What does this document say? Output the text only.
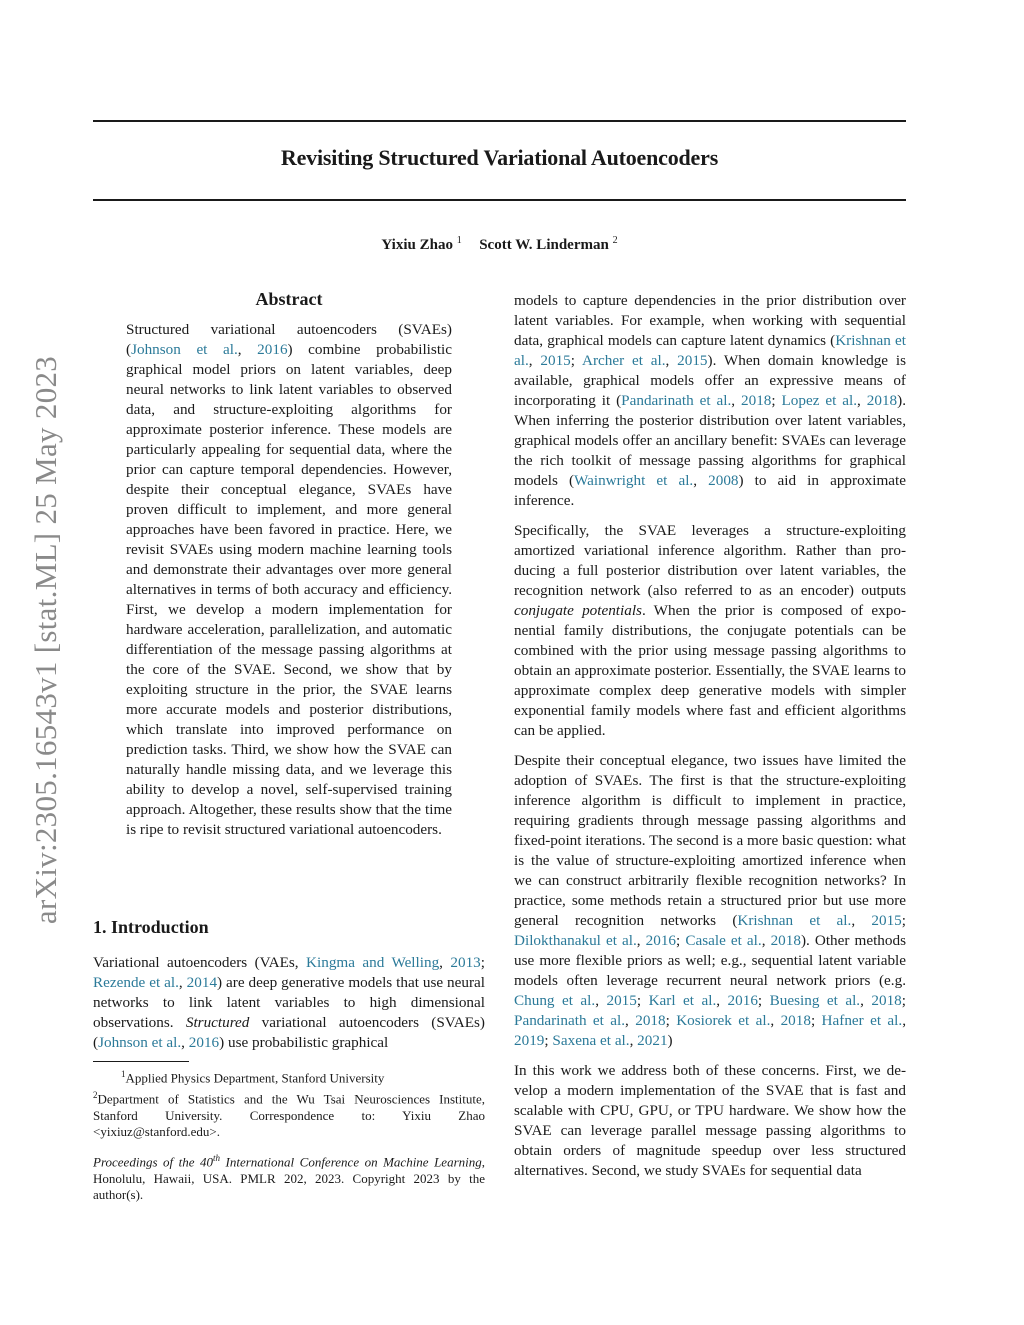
Revisiting Structured Variational Autoencoders
Yixiu Zhao $^1$ Scott W. Linderman $^2$
arXiv:2305.16543v1 [stat.ML] 25 May 2023
Abstract
Structured variational autoencoders (SVAEs) (Johnson et al., 2016) combine probabilistic graphical model priors on latent variables, deep neural networks to link latent variables to observed data, and structure-exploiting algorithms for approximate posterior inference. These models are particularly appealing for sequential data, where the prior can capture temporal dependencies. However, despite their conceptual elegance, SVAEs have proven difficult to implement, and more general approaches have been favored in practice. Here, we revisit SVAEs using modern machine learning tools and demonstrate their advantages over more general alternatives in terms of both accuracy and efficiency. First, we develop a modern implementation for hardware acceleration, parallelization, and automatic differentiation of the message passing algorithms at the core of the SVAE. Second, we show that by exploiting structure in the prior, the SVAE learns more accurate models and posterior distributions, which translate into improved performance on prediction tasks. Third, we show how the SVAE can naturally handle missing data, and we leverage this ability to develop a novel, self-supervised training approach. Altogether, these results show that the time is ripe to revisit structured variational autoencoders.
1. Introduction
Variational autoencoders (VAEs, Kingma and Welling, 2013; Rezende et al., 2014) are deep generative models that use neural networks to link latent variables to high dimensional observations. Structured variational autoencoders (SVAEs) (Johnson et al., 2016) use probabilistic graphical

$^1$Applied Physics Department, Stanford University

$^2$Department of Statistics and the Wu Tsai Neurosciences Institute, Stanford University. Correspondence to: Yixiu Zhao <yixiuz@stanford.edu>.

Proceedings of the 40th International Conference on Machine Learning, Honolulu, Hawaii, USA. PMLR 202, 2023. Copyright 2023 by the author(s).

models to capture dependencies in the prior distribution over latent variables. For example, when working with sequential data, graphical models can capture latent dynamics (Krishnan et al., 2015; Archer et al., 2015). When domain knowledge is available, graphical models offer an expressive means of incorporating it (Pandarinath et al., 2018; Lopez et al., 2018). When inferring the posterior distribution over latent variables, graphical models offer an ancillary benefit: SVAEs can leverage the rich toolkit of message passing algorithms for graphical models (Wainwright et al., 2008) to aid in approximate inference.

Specifically, the SVAE leverages a structure-exploiting amortized variational inference algorithm. Rather than producing a full posterior distribution over latent variables, the recognition network (also referred to as an encoder) outputs conjugate potentials. When the prior is composed of exponential family distributions, the conjugate potentials can be combined with the prior using message passing algorithms to obtain an approximate posterior. Essentially, the SVAE learns to approximate complex deep generative models with simpler exponential family models where fast and efficient algorithms can be applied.

Despite their conceptual elegance, two issues have limited the adoption of SVAEs. The first is that the structure-exploiting inference algorithm is difficult to implement in practice, requiring gradients through message passing algorithms and fixed-point iterations. The second is a more basic question: what is the value of structure-exploiting amortized inference when we can construct arbitrarily flexible recognition networks? In practice, some methods retain a structured prior but use more general recognition networks (Krishnan et al., 2015; Dilokthanakul et al., 2016; Casale et al., 2018). Other methods use more flexible priors as well; e.g., sequential latent variable models often leverage recurrent neural network priors (e.g. Chung et al., 2015; Karl et al., 2016; Buesing et al., 2018; Pandarinath et al., 2018; Kosiorek et al., 2018; Hafner et al., 2019; Saxena et al., 2021)

In this work we address both of these concerns. First, we develop a modern implementation of the SVAE that is fast and scalable with CPU, GPU, or TPU hardware. We show how the SVAE can leverage parallel message passing algorithms to obtain orders of magnitude speedup over less structured alternatives. Second, we study SVAEs for sequential data
